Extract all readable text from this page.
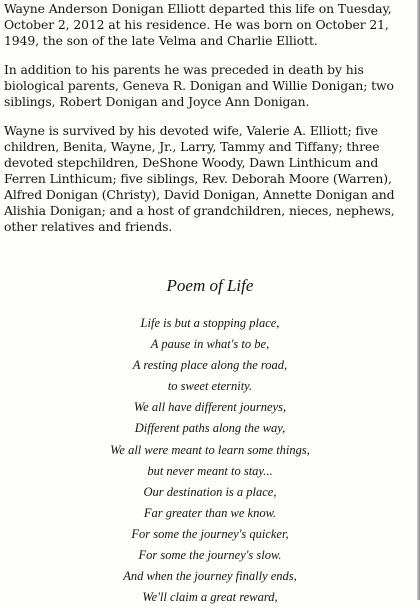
Wayne Anderson Donigan Elliott departed this life on Tuesday, October 2, 2012 at his residence. He was born on October 21, 1949, the son of the late Velma and Charlie Elliott.

In addition to his parents he was preceded in death by his biological parents, Geneva R. Donigan and Willie Donigan; two siblings, Robert Donigan and Joyce Ann Donigan.

Wayne is survived by his devoted wife, Valerie A. Elliott; five children, Benita, Wayne, Jr., Larry, Tammy and Tiffany; three devoted stepchildren, DeShone Woody, Dawn Linthicum and Ferren Linthicum; five siblings, Rev. Deborah Moore (Warren), Alfred Donigan (Christy), David Donigan, Annette Donigan and Alishia Donigan; and a host of grandchildren, nieces, nephews, other relatives and friends.

Poem of Life
Life is but a stopping place,
A pause in what's to be,
A resting place along the road,
to sweet eternity.
We all have different journeys,
Different paths along the way,
We all were meant to learn some things,
but never meant to stay...
Our destination is a place,
Far greater than we know.
For some the journey's quicker,
For some the journey's slow.
And when the journey finally ends,
We'll claim a great reward,
